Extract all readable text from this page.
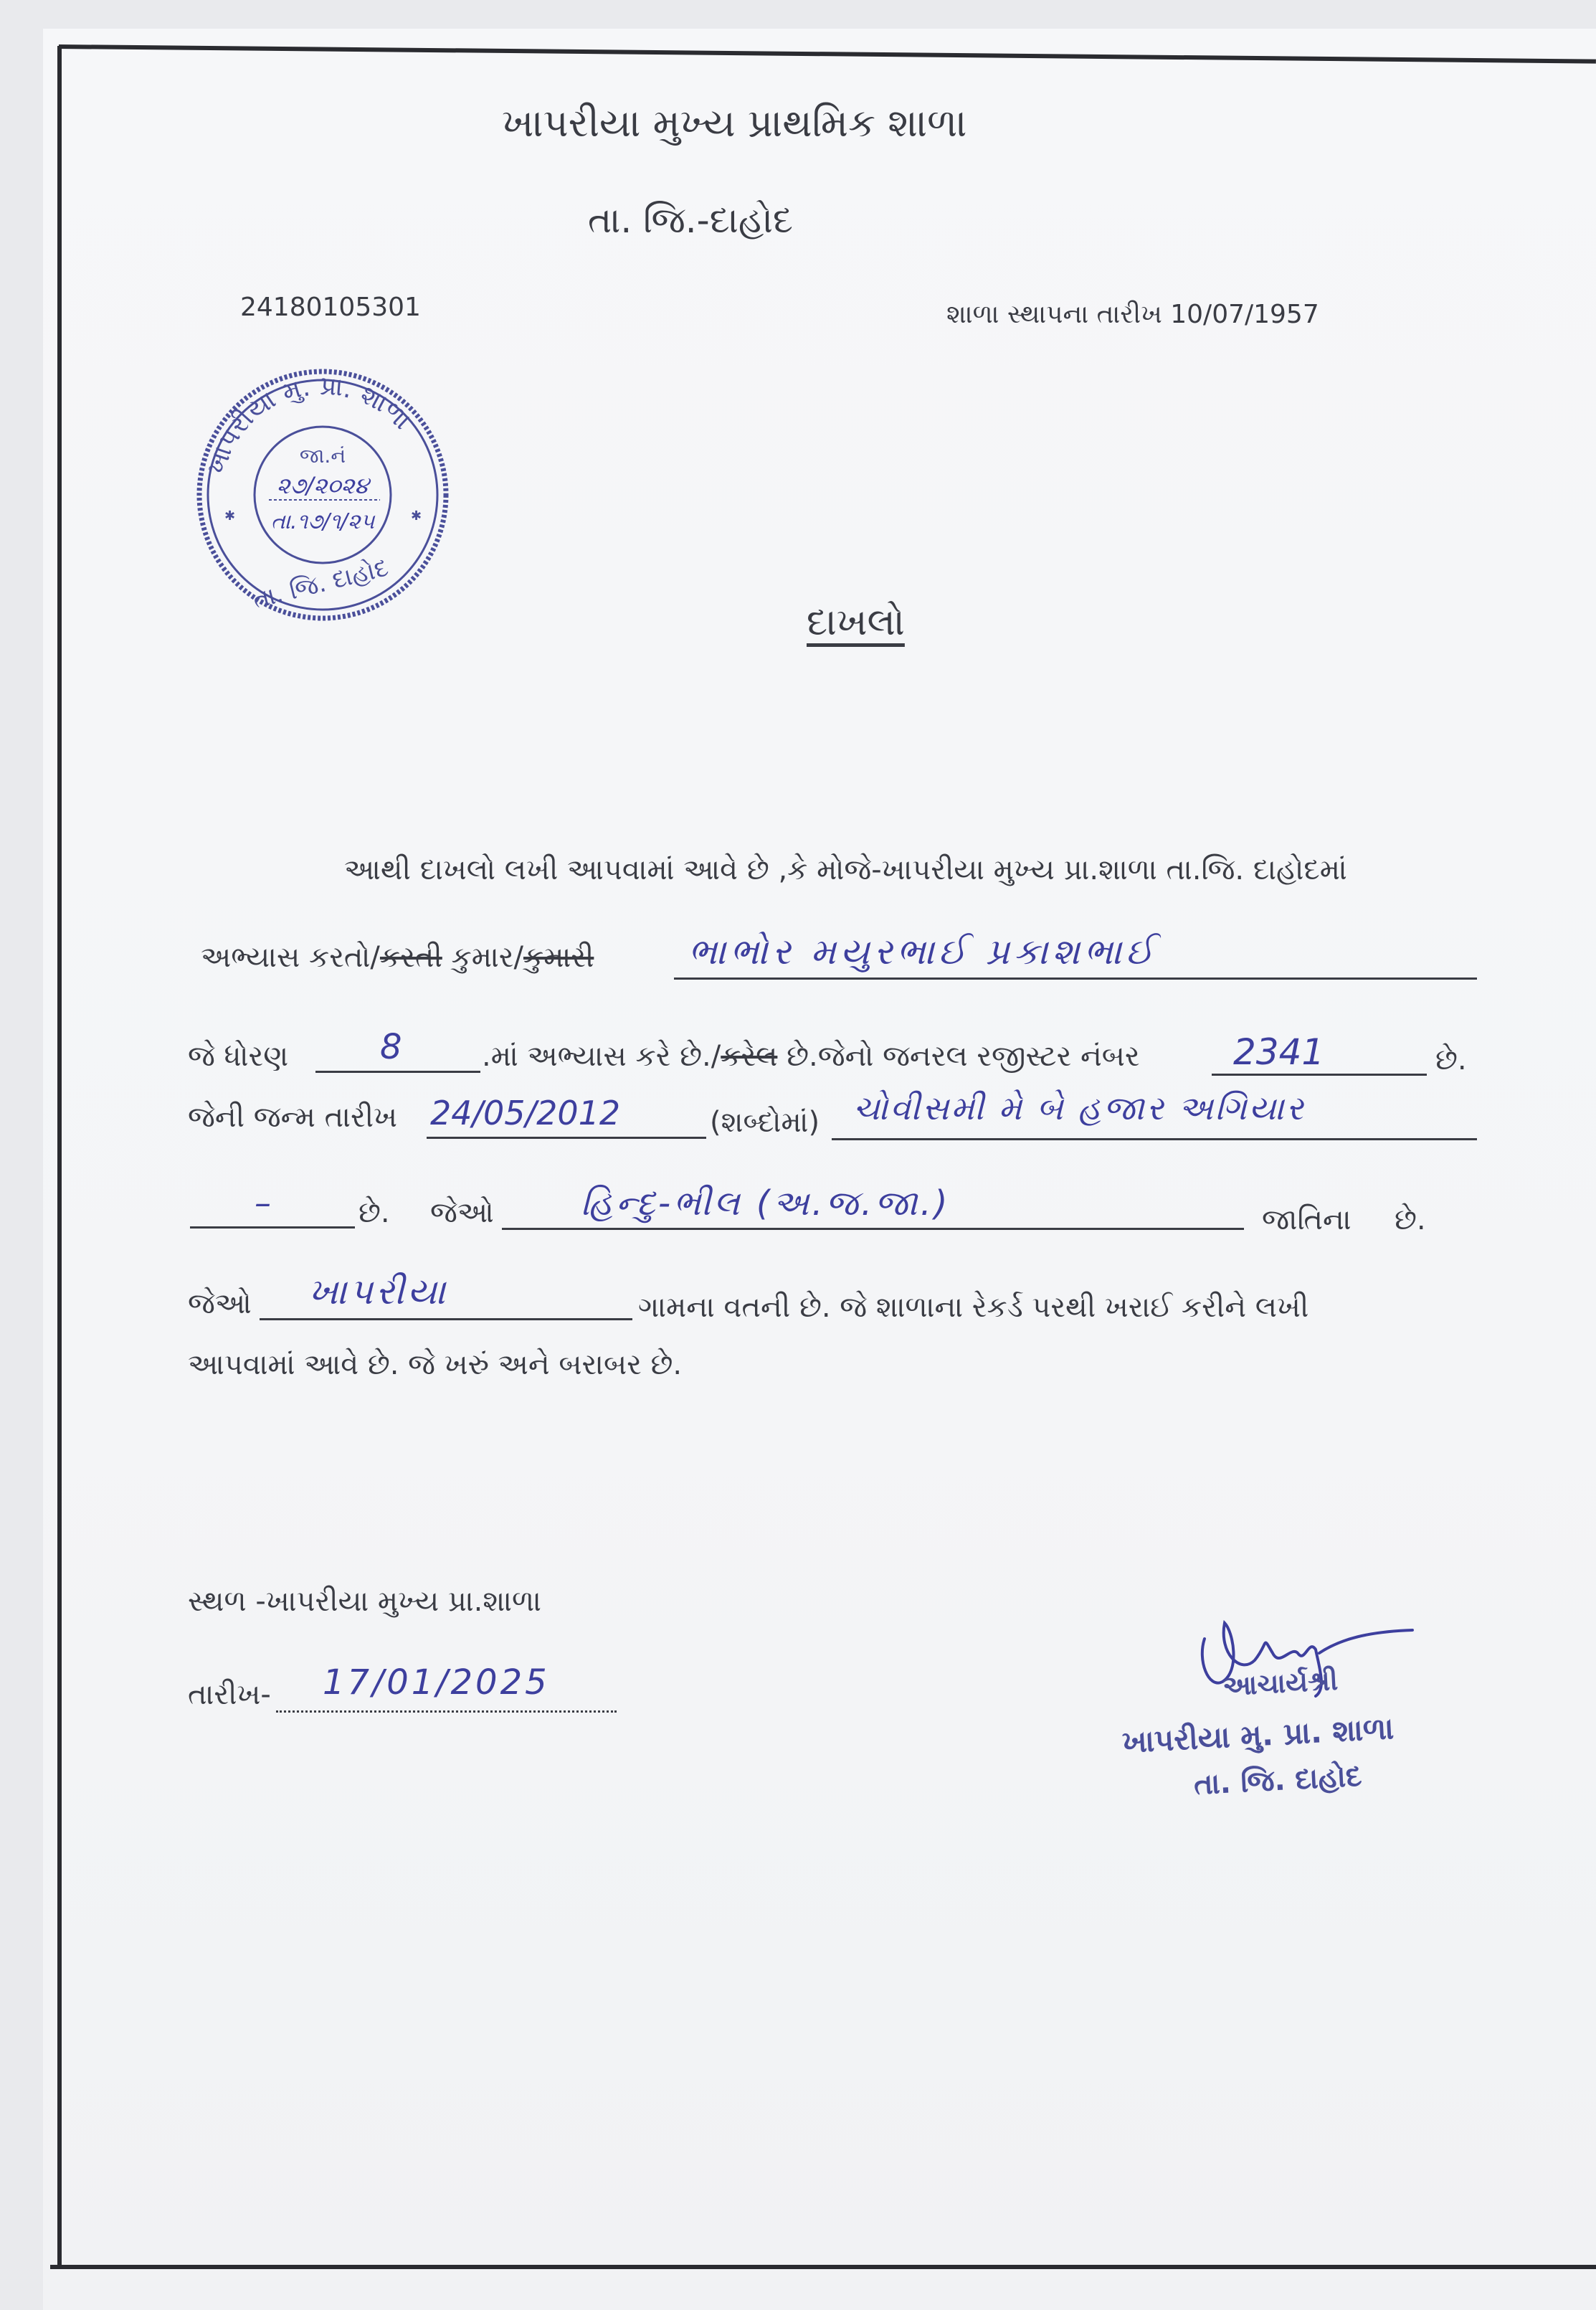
ખાપરીયા મુખ્ય પ્રાથમિક શાળા
તા. જિ.-દાહોદ
24180105301	શાળા સ્થાપના તારીખ 10/07/1957
ખાપરીયા મુ. પ્રા. શાળા
જા.નં
૨૭/૨૦૨૪
તા.૧૭/૧/૨૫
✱	✱
તા. જિ. દાહોદ
દાખલો
આથી દાખલો લખી આપવામાં આવે છે ,કે મોજે-ખાપરીયા મુખ્ય પ્રા.શાળા તા.જિ. દાહોદમાં
અભ્યાસ કરતો/કરતી કુમાર/કુમારી	ભાભોર મયુરભાઈ પ્રકાશભાઈ
જે ધોરણ	8	.માં અભ્યાસ કરે છે./કરેલ છે.જેનો જનરલ રજીસ્ટર નંબર	2341	છે.
જેની જન્મ તારીખ 24/05/2012	(શબ્દોમાં) ચોવીસમી મે બે હજાર અગિયાર
–	છે. જેઓ	હિન્દુ-ભીલ (અ.જ.જા.)	જાતિના છે.
જેઓ ખાપરીયા	ગામના વતની છે. જે શાળાના રેકર્ડ પરથી ખરાઈ કરીને લખી
આપવામાં આવે છે. જે ખરું અને બરાબર છે.
સ્થળ -ખાપરીયા મુખ્ય પ્રા.શાળા
તારીખ- 17/01/2025	આચાર્યશ્રી
ખાપરીયા મુ. પ્રા. શાળા
તા. જિ. દાહોદ
